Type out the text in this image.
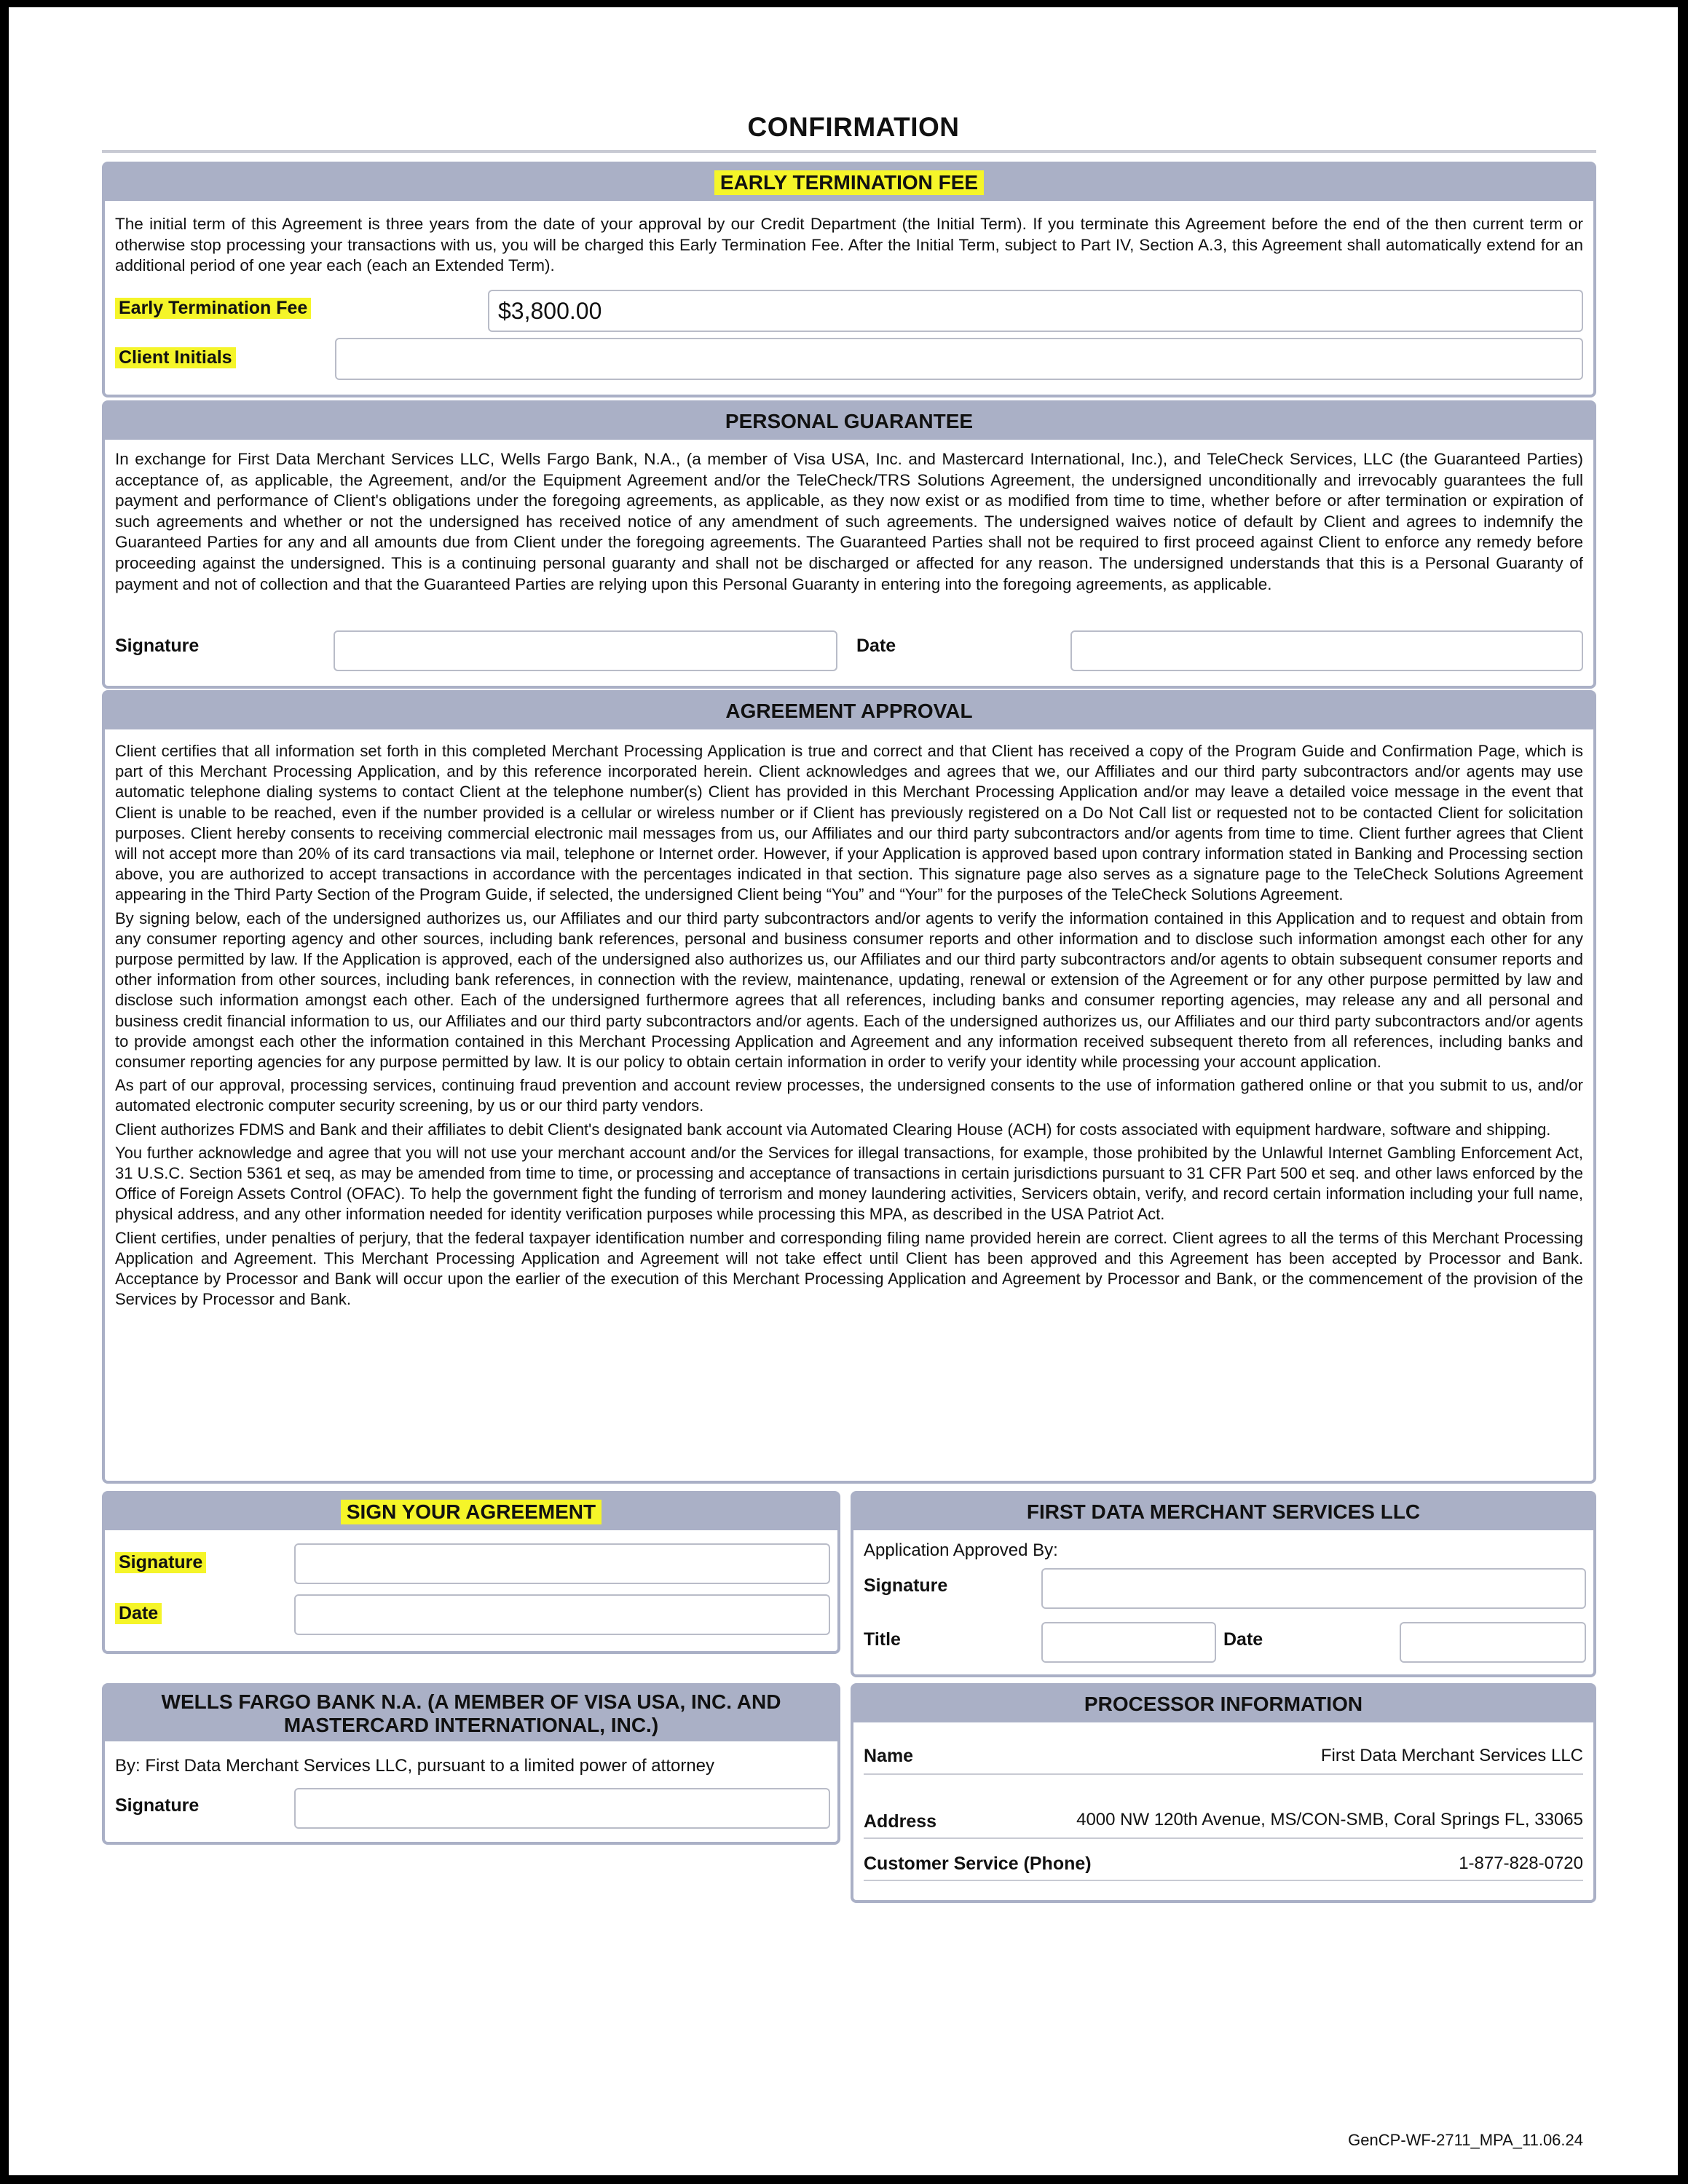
CONFIRMATION
EARLY TERMINATION FEE
The initial term of this Agreement is three years from the date of your approval by our Credit Department (the Initial Term). If you terminate this Agreement before the end of the then current term or otherwise stop processing your transactions with us, you will be charged this Early Termination Fee. After the Initial Term, subject to Part IV, Section A.3, this Agreement shall automatically extend for an additional period of one year each (each an Extended Term).
Early Termination Fee	$3,800.00
Client Initials
PERSONAL GUARANTEE
In exchange for First Data Merchant Services LLC, Wells Fargo Bank, N.A., (a member of Visa USA, Inc. and Mastercard International, Inc.), and TeleCheck Services, LLC (the Guaranteed Parties) acceptance of, as applicable, the Agreement, and/or the Equipment Agreement and/or the TeleCheck/TRS Solutions Agreement, the undersigned unconditionally and irrevocably guarantees the full payment and performance of Client's obligations under the foregoing agreements, as applicable, as they now exist or as modified from time to time, whether before or after termination or expiration of such agreements and whether or not the undersigned has received notice of any amendment of such agreements. The undersigned waives notice of default by Client and agrees to indemnify the Guaranteed Parties for any and all amounts due from Client under the foregoing agreements. The Guaranteed Parties shall not be required to first proceed against Client to enforce any remedy before proceeding against the undersigned. This is a continuing personal guaranty and shall not be discharged or affected for any reason. The undersigned understands that this is a Personal Guaranty of payment and not of collection and that the Guaranteed Parties are relying upon this Personal Guaranty in entering into the foregoing agreements, as applicable.
Signature	Date
AGREEMENT APPROVAL

Client certifies that all information set forth in this completed Merchant Processing Application is true and correct and that Client has received a copy of the Program Guide and Confirmation Page, which is part of this Merchant Processing Application, and by this reference incorporated herein. Client acknowledges and agrees that we, our Affiliates and our third party subcontractors and/or agents may use automatic telephone dialing systems to contact Client at the telephone number(s) Client has provided in this Merchant Processing Application and/or may leave a detailed voice message in the event that Client is unable to be reached, even if the number provided is a cellular or wireless number or if Client has previously registered on a Do Not Call list or requested not to be contacted Client for solicitation purposes. Client hereby consents to receiving commercial electronic mail messages from us, our Affiliates and our third party subcontractors and/or agents from time to time. Client further agrees that Client will not accept more than 20% of its card transactions via mail, telephone or Internet order. However, if your Application is approved based upon contrary information stated in Banking and Processing section above, you are authorized to accept transactions in accordance with the percentages indicated in that section. This signature page also serves as a signature page to the TeleCheck Solutions Agreement appearing in the Third Party Section of the Program Guide, if selected, the undersigned Client being “You” and “Your” for the purposes of the TeleCheck Solutions Agreement.

By signing below, each of the undersigned authorizes us, our Affiliates and our third party subcontractors and/or agents to verify the information contained in this Application and to request and obtain from any consumer reporting agency and other sources, including bank references, personal and business consumer reports and other information and to disclose such information amongst each other for any purpose permitted by law. If the Application is approved, each of the undersigned also authorizes us, our Affiliates and our third party subcontractors and/or agents to obtain subsequent consumer reports and other information from other sources, including bank references, in connection with the review, maintenance, updating, renewal or extension of the Agreement or for any other purpose permitted by law and disclose such information amongst each other. Each of the undersigned furthermore agrees that all references, including banks and consumer reporting agencies, may release any and all personal and business credit financial information to us, our Affiliates and our third party subcontractors and/or agents. Each of the undersigned authorizes us, our Affiliates and our third party subcontractors and/or agents to provide amongst each other the information contained in this Merchant Processing Application and Agreement and any information received subsequent thereto from all references, including banks and consumer reporting agencies for any purpose permitted by law. It is our policy to obtain certain information in order to verify your identity while processing your account application.

As part of our approval, processing services, continuing fraud prevention and account review processes, the undersigned consents to the use of information gathered online or that you submit to us, and/or automated electronic computer security screening, by us or our third party vendors.

Client authorizes FDMS and Bank and their affiliates to debit Client's designated bank account via Automated Clearing House (ACH) for costs associated with equipment hardware, software and shipping.

You further acknowledge and agree that you will not use your merchant account and/or the Services for illegal transactions, for example, those prohibited by the Unlawful Internet Gambling Enforcement Act, 31 U.S.C. Section 5361 et seq, as may be amended from time to time, or processing and acceptance of transactions in certain jurisdictions pursuant to 31 CFR Part 500 et seq. and other laws enforced by the Office of Foreign Assets Control (OFAC). To help the government fight the funding of terrorism and money laundering activities, Servicers obtain, verify, and record certain information including your full name, physical address, and any other information needed for identity verification purposes while processing this MPA, as described in the USA Patriot Act.

Client certifies, under penalties of perjury, that the federal taxpayer identification number and corresponding filing name provided herein are correct. Client agrees to all the terms of this Merchant Processing Application and Agreement. This Merchant Processing Application and Agreement will not take effect until Client has been approved and this Agreement has been accepted by Processor and Bank. Acceptance by Processor and Bank will occur upon the earlier of the execution of this Merchant Processing Application and Agreement by Processor and Bank, or the commencement of the provision of the Services by Processor and Bank.

SIGN YOUR AGREEMENT
Signature
Date
FIRST DATA MERCHANT SERVICES LLC
Application Approved By:
Signature
Title	Date
WELLS FARGO BANK N.A. (A MEMBER OF VISA USA, INC. AND
MASTERCARD INTERNATIONAL, INC.)
By: First Data Merchant Services LLC, pursuant to a limited power of attorney
Signature
PROCESSOR INFORMATION
Name	First Data Merchant Services LLC
Address	4000 NW 120th Avenue, MS/CON-SMB, Coral Springs FL, 33065
Customer Service (Phone)	1-877-828-0720
GenCP-WF-2711_MPA_11.06.24
